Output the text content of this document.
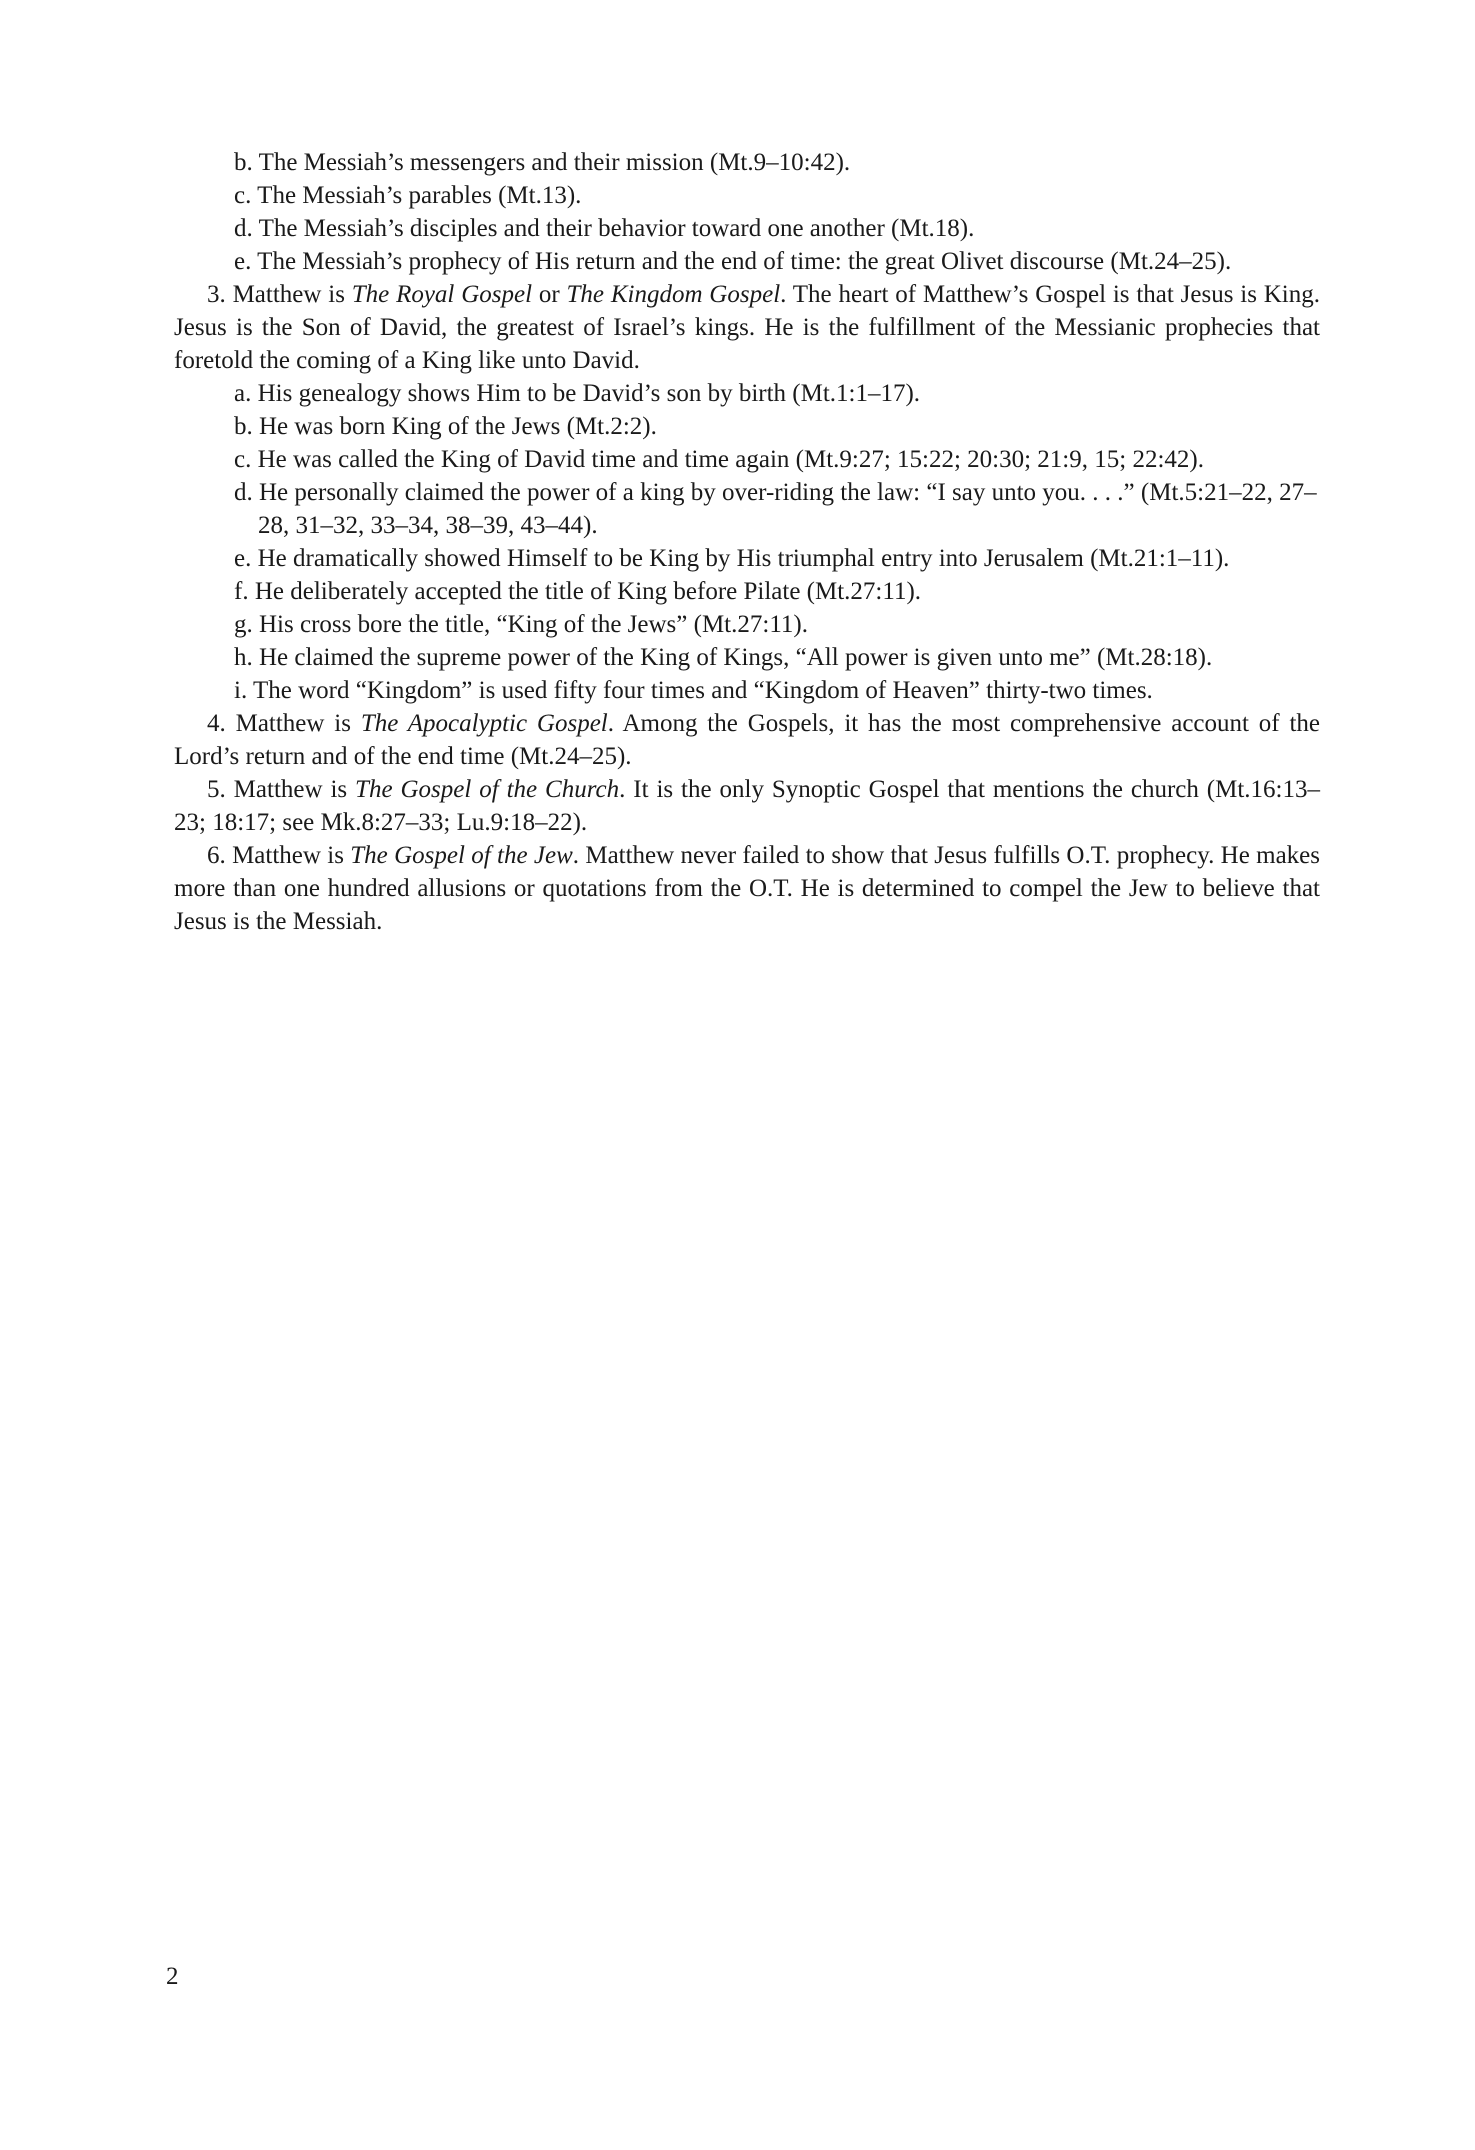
b. The Messiah’s messengers and their mission (Mt.9–10:42).
c. The Messiah’s parables (Mt.13).
d. The Messiah’s disciples and their behavior toward one another (Mt.18).
e. The Messiah’s prophecy of His return and the end of time: the great Olivet discourse (Mt.24–25).
3. Matthew is The Royal Gospel or The Kingdom Gospel. The heart of Matthew’s Gospel is that Jesus is King. Jesus is the Son of David, the greatest of Israel’s kings. He is the fulfillment of the Messianic prophecies that foretold the coming of a King like unto David.
a. His genealogy shows Him to be David’s son by birth (Mt.1:1–17).
b. He was born King of the Jews (Mt.2:2).
c. He was called the King of David time and time again (Mt.9:27; 15:22; 20:30; 21:9, 15; 22:42).
d. He personally claimed the power of a king by over-riding the law: “I say unto you. . . .” (Mt.5:21–22, 27–28, 31–32, 33–34, 38–39, 43–44).
e. He dramatically showed Himself to be King by His triumphal entry into Jerusalem (Mt.21:1–11).
f. He deliberately accepted the title of King before Pilate (Mt.27:11).
g. His cross bore the title, “King of the Jews” (Mt.27:11).
h. He claimed the supreme power of the King of Kings, “All power is given unto me” (Mt.28:18).
i. The word “Kingdom” is used fifty four times and “Kingdom of Heaven” thirty-two times.
4. Matthew is The Apocalyptic Gospel. Among the Gospels, it has the most comprehensive account of the Lord’s return and of the end time (Mt.24–25).
5. Matthew is The Gospel of the Church. It is the only Synoptic Gospel that mentions the church (Mt.16:13–23; 18:17; see Mk.8:27–33; Lu.9:18–22).
6. Matthew is The Gospel of the Jew. Matthew never failed to show that Jesus fulfills O.T. prophecy. He makes more than one hundred allusions or quotations from the O.T. He is determined to compel the Jew to believe that Jesus is the Messiah.
2
